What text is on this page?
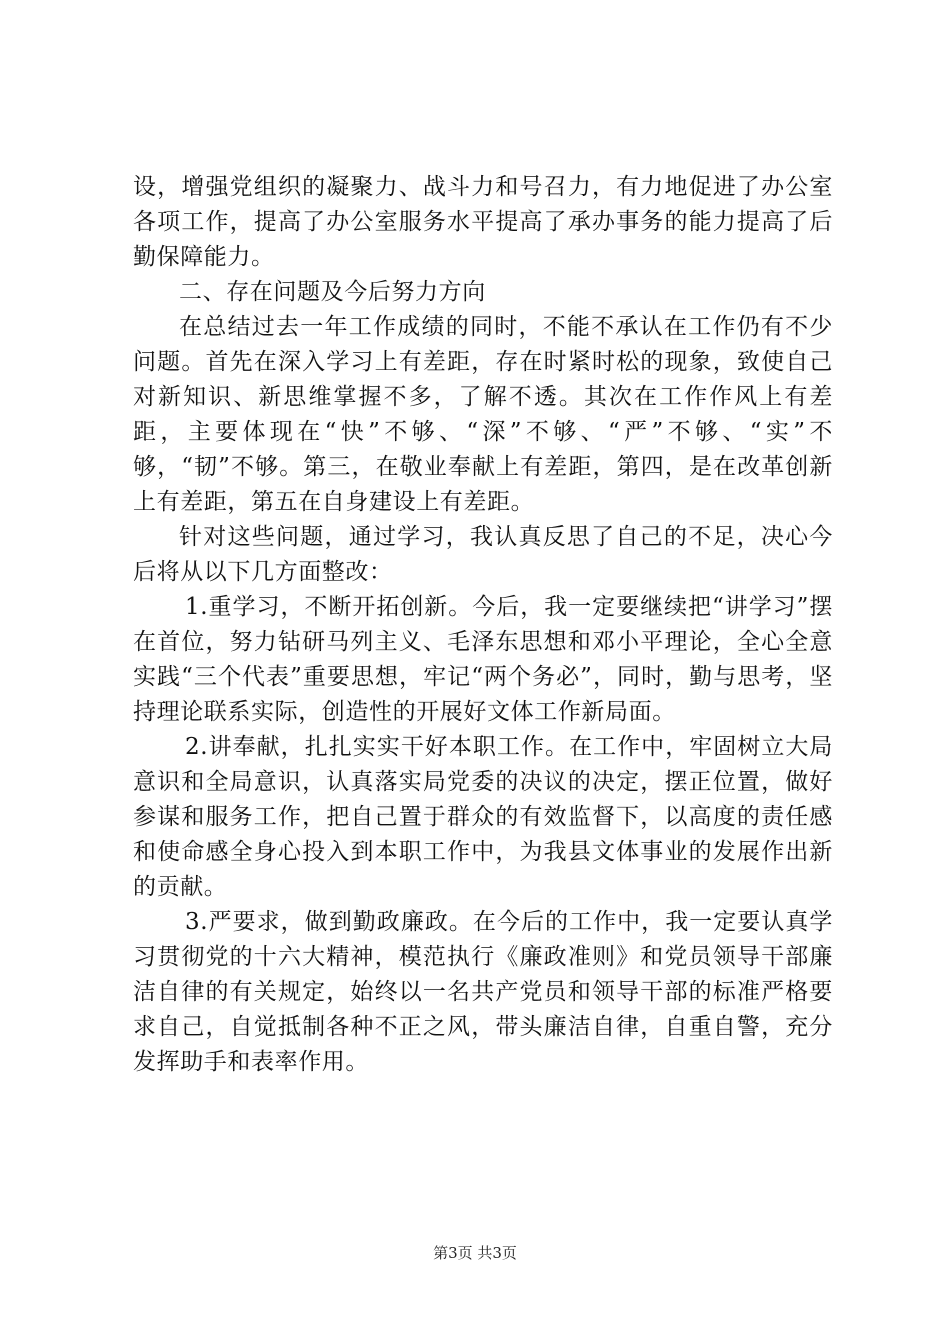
设，增强党组织的凝聚力、战斗力和号召力，有力地促进了办公室各项工作，提高了办公室服务水平提高了承办事务的能力提高了后勤保障能力。

二、存在问题及今后努力方向

在总结过去一年工作成绩的同时，不能不承认在工作仍有不少问题。首先在深入学习上有差距，存在时紧时松的现象，致使自己对新知识、新思维掌握不多，了解不透。其次在工作作风上有差距，主要体现在“快”不够、“深”不够、“严”不够、“实”不够，“韧”不够。第三，在敬业奉献上有差距，第四，是在改革创新上有差距，第五在自身建设上有差距。

针对这些问题，通过学习，我认真反思了自己的不足，决心今后将从以下几方面整改：

1.重学习，不断开拓创新。今后，我一定要继续把“讲学习”摆在首位，努力钻研马列主义、毛泽东思想和邓小平理论，全心全意实践“三个代表”重要思想，牢记“两个务必”，同时，勤与思考，坚持理论联系实际，创造性的开展好文体工作新局面。

2.讲奉献，扎扎实实干好本职工作。在工作中，牢固树立大局意识和全局意识，认真落实局党委的决议的决定，摆正位置，做好参谋和服务工作，把自己置于群众的有效监督下，以高度的责任感和使命感全身心投入到本职工作中，为我县文体事业的发展作出新的贡献。

3.严要求，做到勤政廉政。在今后的工作中，我一定要认真学习贯彻党的十六大精神，模范执行《廉政准则》和党员领导干部廉洁自律的有关规定，始终以一名共产党员和领导干部的标准严格要求自己，自觉抵制各种不正之风，带头廉洁自律，自重自警，充分发挥助手和表率作用。

第3页 共3页
